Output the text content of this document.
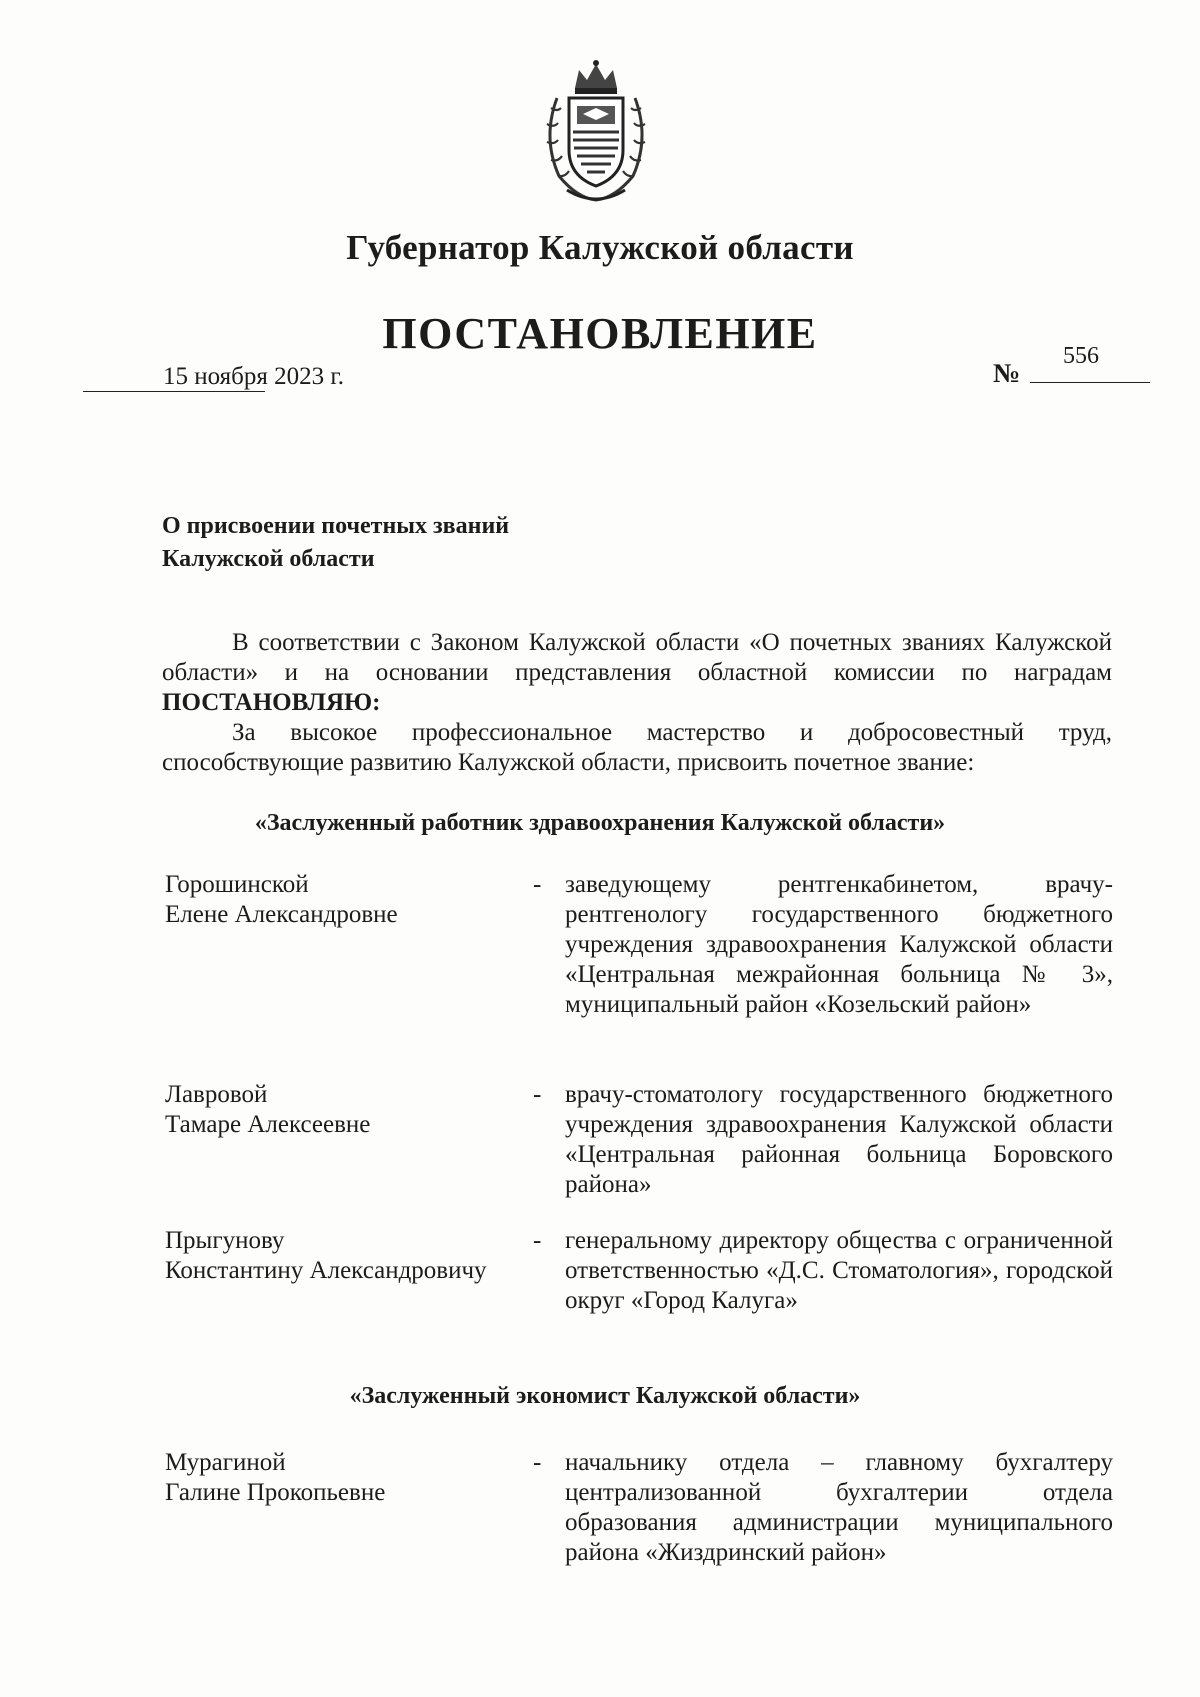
Губернатор Калужской области
ПОСТАНОВЛЕНИЕ
15 ноября 2023 г.	№
556
О присвоении почетных званий
Калужской области

В соответствии с Законом Калужской области «О почетных званиях Калужской области» и на основании представления областной комиссии по наградам ПОСТАНОВЛЯЮ:

За высокое профессиональное мастерство и добросовестный труд, способствующие развитию Калужской области, присвоить почетное звание:

«Заслуженный работник здравоохранения Калужской области»
Горошинской
Елене Александровне
- заведующему рентгенкабинетом, врачу-рентгенологу государственного бюджетного учреждения здравоохранения Калужской области «Центральная межрайонная больница № 3», муниципальный район «Козельский район»
Лавровой
Тамаре Алексеевне
- врачу-стоматологу государственного бюджетного учреждения здравоохранения Калужской области «Центральная районная больница Боровского района»
Прыгунову
Константину Александровичу
- генеральному директору общества с ограниченной ответственностью «Д.С. Стоматология», городской округ «Город Калуга»
«Заслуженный экономист Калужской области»
Мурагиной
Галине Прокопьевне
- начальнику отдела – главному бухгалтеру централизованной бухгалтерии отдела образования администрации муниципального района «Жиздринский район»
